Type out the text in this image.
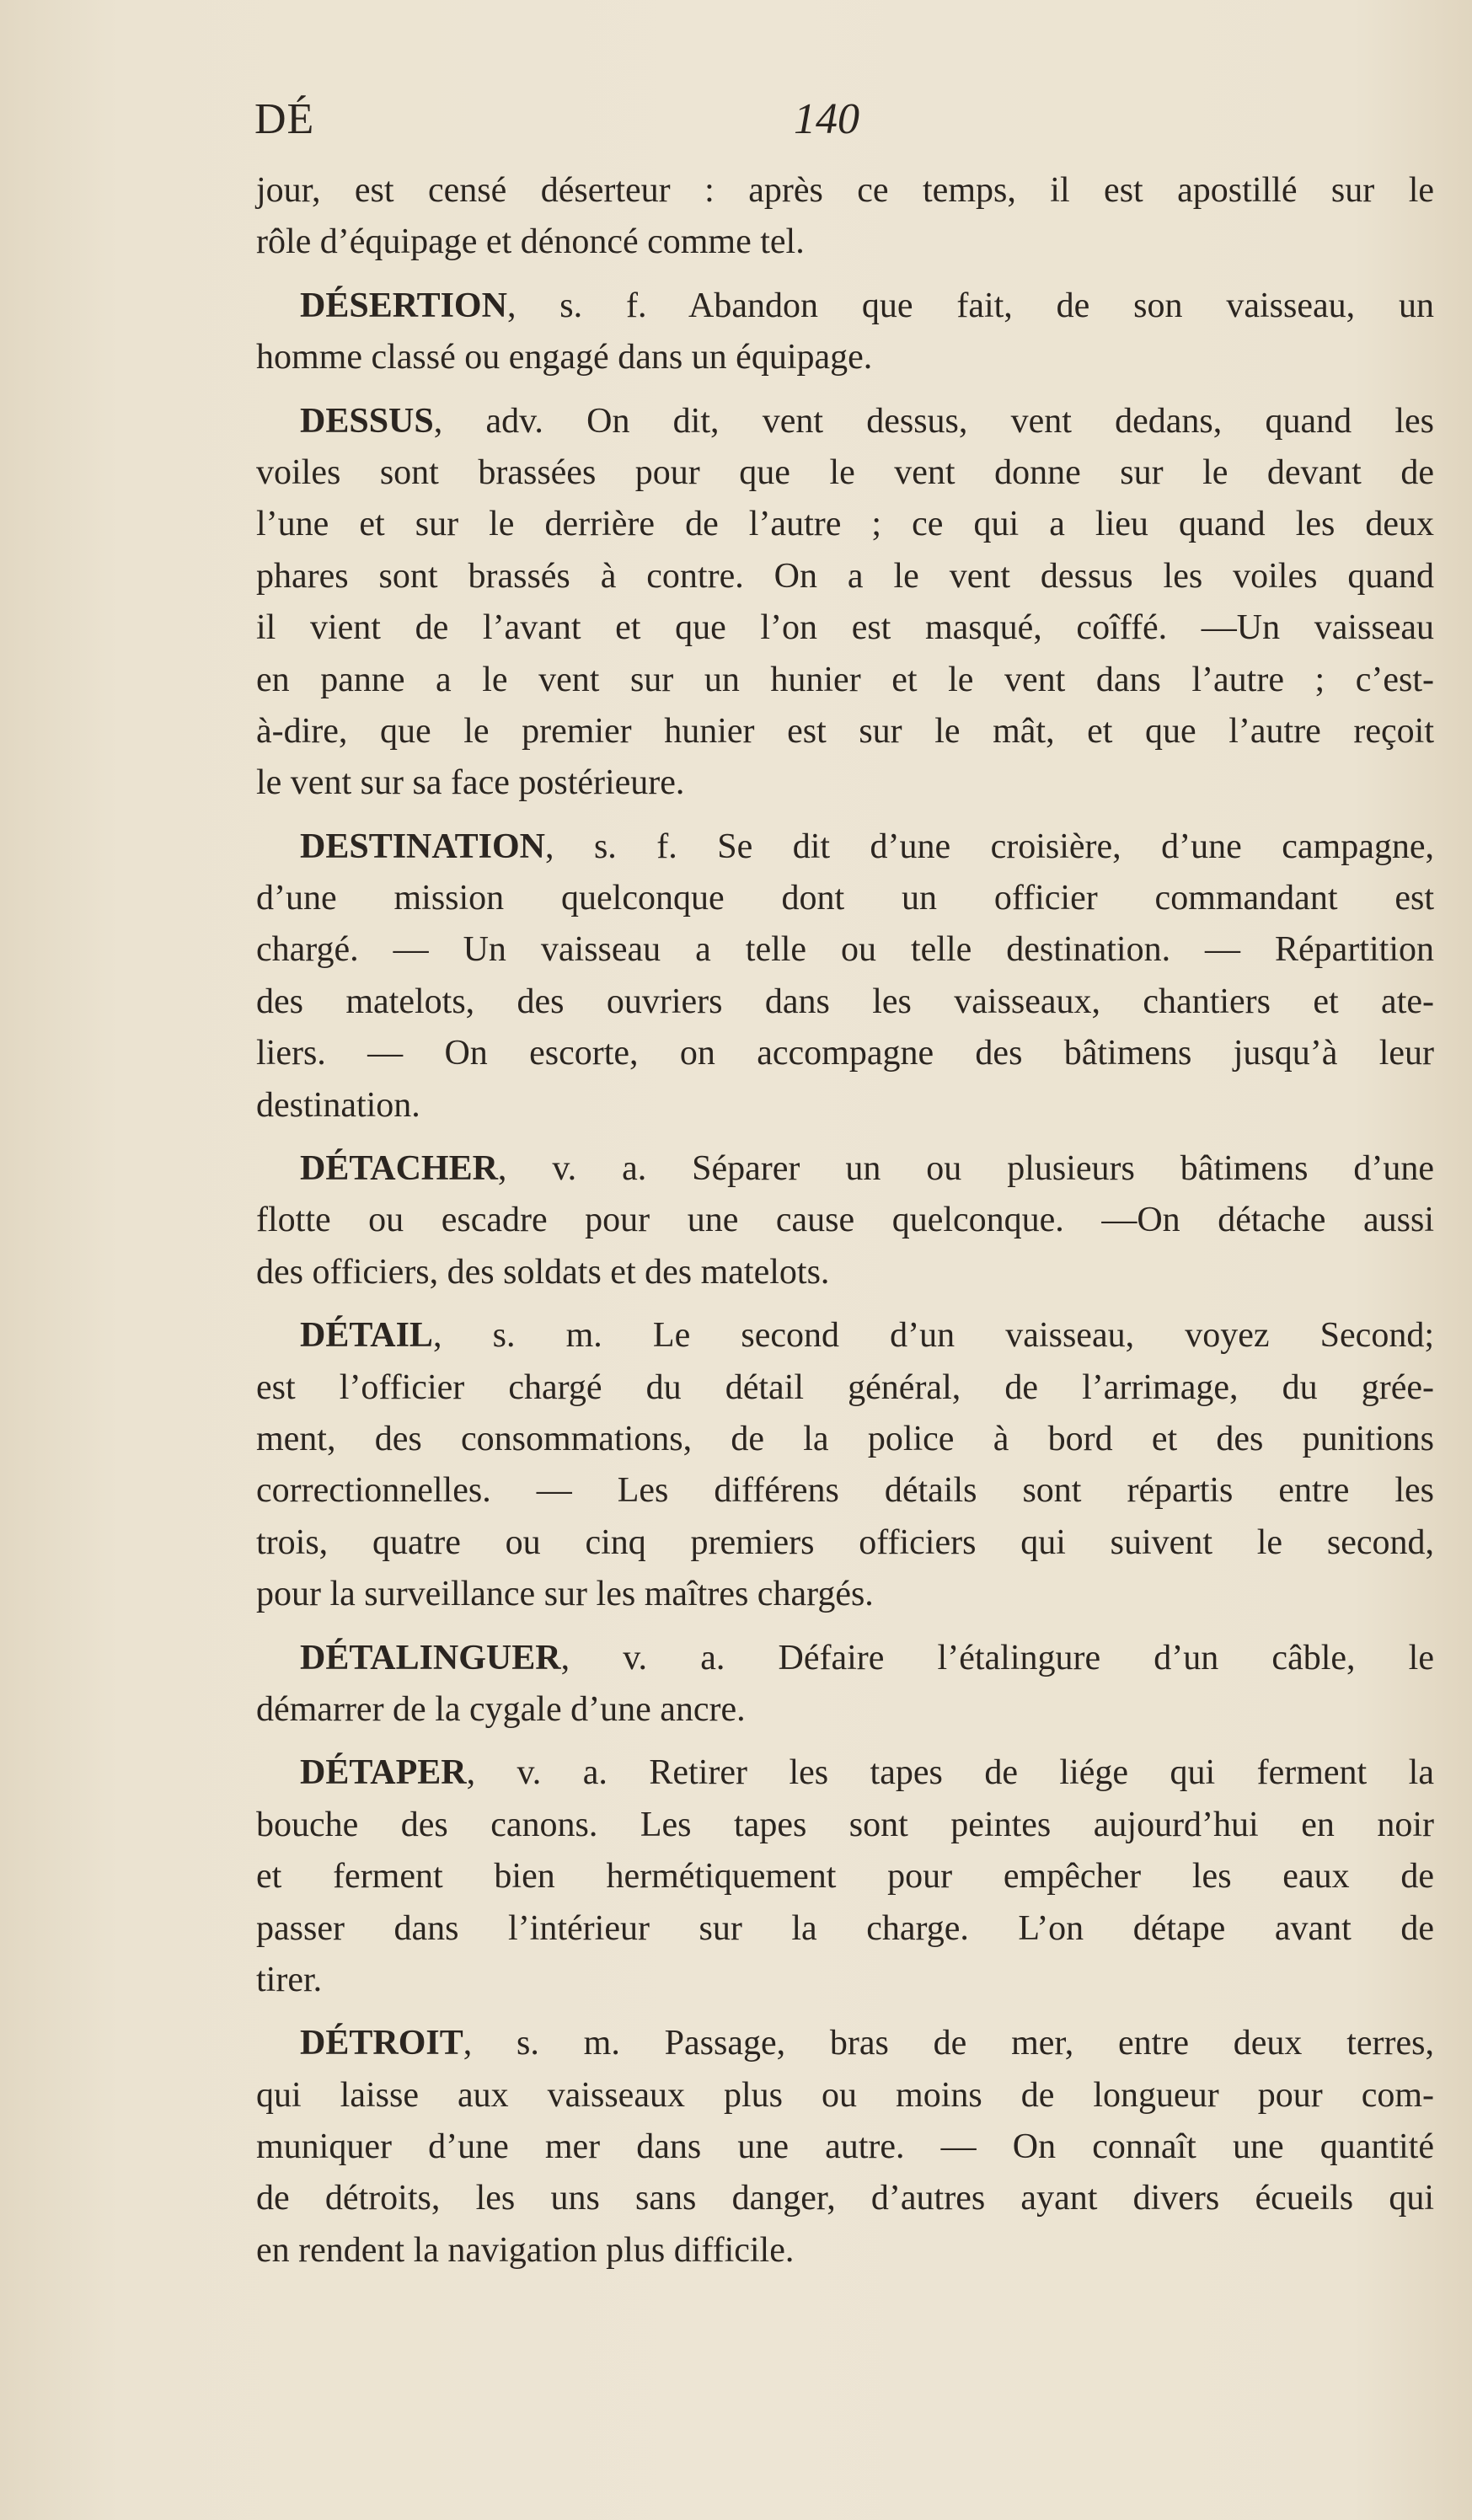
DÉ	140
jour, est censé déserteur : après ce temps, il est apostillé sur le
rôle d’équipage et dénoncé comme tel.
DÉSERTION, s. f. Abandon que fait, de son vaisseau, un
homme classé ou engagé dans un équipage.
DESSUS, adv. On dit, vent dessus, vent dedans, quand les
voiles sont brassées pour que le vent donne sur le devant de
l’une et sur le derrière de l’autre ; ce qui a lieu quand les deux
phares sont brassés à contre. On a le vent dessus les voiles quand
il vient de l’avant et que l’on est masqué, coîffé. —Un vaisseau
en panne a le vent sur un hunier et le vent dans l’autre ; c’est-
à-dire, que le premier hunier est sur le mât, et que l’autre reçoit
le vent sur sa face postérieure.
DESTINATION, s. f. Se dit d’une croisière, d’une campagne,
d’une mission quelconque dont un officier commandant est
chargé. — Un vaisseau a telle ou telle destination. — Répartition
des matelots, des ouvriers dans les vaisseaux, chantiers et ate-
liers. — On escorte, on accompagne des bâtimens jusqu’à leur
destination.
DÉTACHER, v. a. Séparer un ou plusieurs bâtimens d’une
flotte ou escadre pour une cause quelconque. —On détache aussi
des officiers, des soldats et des matelots.
DÉTAIL, s. m. Le second d’un vaisseau, voyez Second;
est l’officier chargé du détail général, de l’arrimage, du grée-
ment, des consommations, de la police à bord et des punitions
correctionnelles. — Les différens détails sont répartis entre les
trois, quatre ou cinq premiers officiers qui suivent le second,
pour la surveillance sur les maîtres chargés.
DÉTALINGUER, v. a. Défaire l’étalingure d’un câble, le
démarrer de la cygale d’une ancre.
DÉTAPER, v. a. Retirer les tapes de liége qui ferment la
bouche des canons. Les tapes sont peintes aujourd’hui en noir
et ferment bien hermétiquement pour empêcher les eaux de
passer dans l’intérieur sur la charge. L’on détape avant de
tirer.
DÉTROIT, s. m. Passage, bras de mer, entre deux terres,
qui laisse aux vaisseaux plus ou moins de longueur pour com-
muniquer d’une mer dans une autre. — On connaît une quantité
de détroits, les uns sans danger, d’autres ayant divers écueils qui
en rendent la navigation plus difficile.
